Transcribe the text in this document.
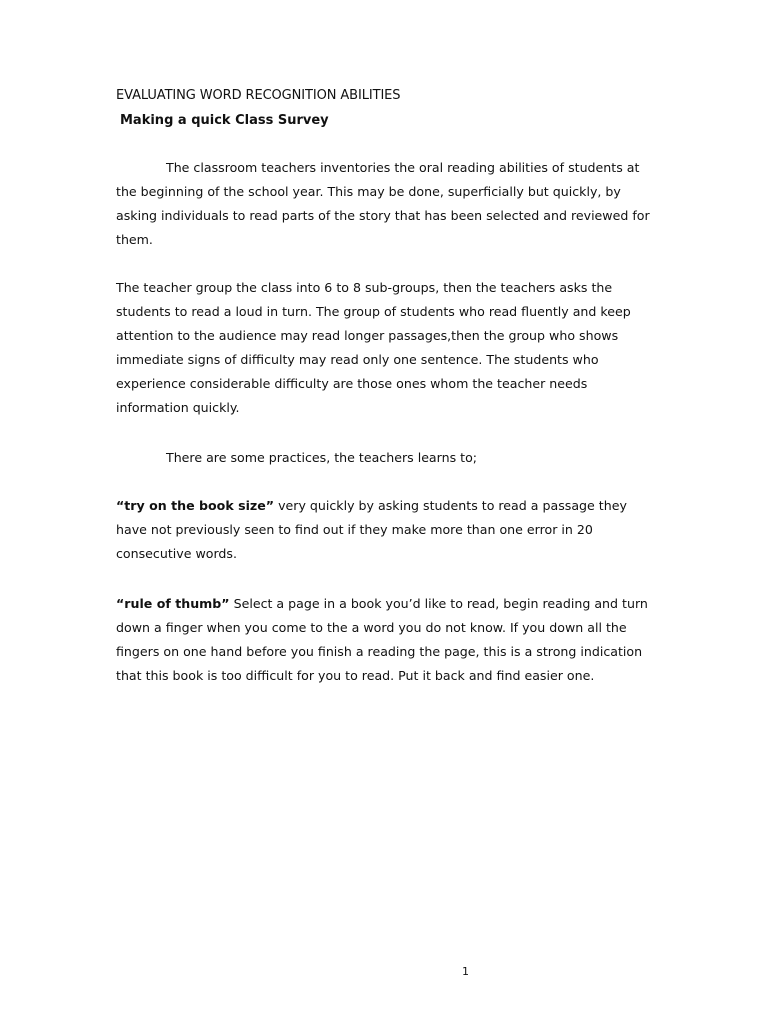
EVALUATING WORD RECOGNITION ABILITIES
Making a quick Class Survey

The classroom teachers inventories the oral reading abilities of students at the beginning of the school year. This may be done, superficially but quickly, by asking individuals to read parts of the story that has been selected and reviewed for them.

The teacher group the class into 6 to 8 sub-groups, then the teachers asks the students to read a loud in turn. The group of students who read fluently and keep attention to the audience may read longer passages,then the group who shows immediate signs of difficulty may read only one sentence. The students who experience considerable difficulty are those ones whom the teacher needs information quickly.

There are some practices, the teachers learns to;

“try on the book size” very quickly by asking students to read a passage they have not previously seen to find out if they make more than one error in 20 consecutive words.

“rule of thumb” Select a page in a book you’d like to read, begin reading and turn down a finger when you come to the a word you do not know. If you down all the fingers on one hand before you finish a reading the page, this is a strong indication that this book is too difficult for you to read. Put it back and find easier one.

1
